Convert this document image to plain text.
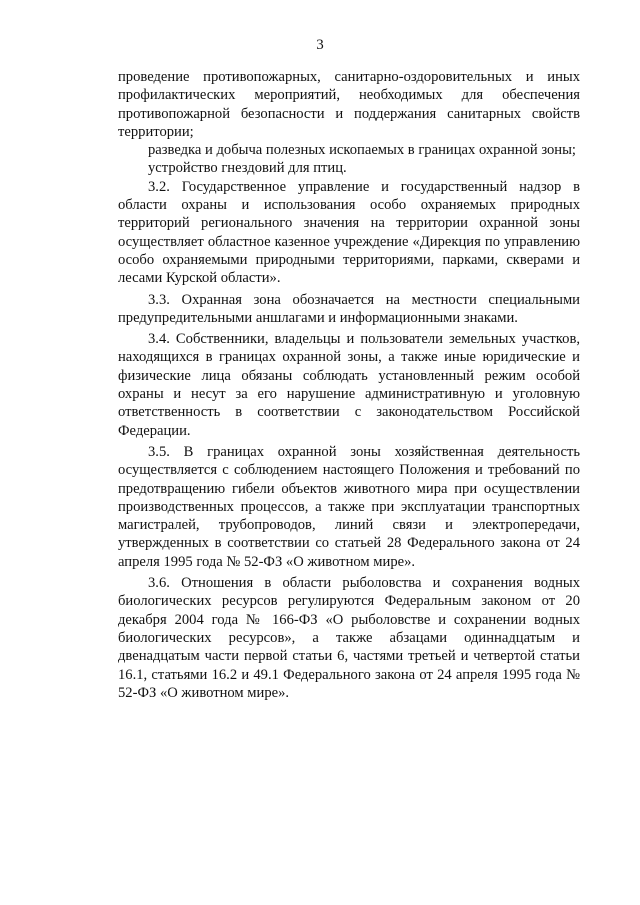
3

проведение противопожарных, санитарно-оздоровительных и иных профилактических мероприятий, необходимых для обеспечения противопожарной безопасности и поддержания санитарных свойств территории;

разведка и добыча полезных ископаемых в границах охранной зоны;

устройство гнездовий для птиц.

3.2. Государственное управление и государственный надзор в области охраны и использования особо охраняемых природных территорий регионального значения на территории охранной зоны осуществляет областное казенное учреждение «Дирекция по управлению особо охраняемыми природными территориями, парками, скверами и лесами Курской области».

3.3. Охранная зона обозначается на местности специальными предупредительными аншлагами и информационными знаками.

3.4. Собственники, владельцы и пользователи земельных участков, находящихся в границах охранной зоны, а также иные юридические и физические лица обязаны соблюдать установленный режим особой охраны и несут за его нарушение административную и уголовную ответственность в соответствии с законодательством Российской Федерации.

3.5. В границах охранной зоны хозяйственная деятельность осуществляется с соблюдением настоящего Положения и требований по предотвращению гибели объектов животного мира при осуществлении производственных процессов, а также при эксплуатации транспортных магистралей, трубопроводов, линий связи и электропередачи, утвержденных в соответствии со статьей 28 Федерального закона от 24 апреля 1995 года № 52-ФЗ «О животном мире».

3.6. Отношения в области рыболовства и сохранения водных биологических ресурсов регулируются Федеральным законом от 20 декабря 2004 года № 166-ФЗ «О рыболовстве и сохранении водных биологических ресурсов», а также абзацами одиннадцатым и двенадцатым части первой статьи 6, частями третьей и четвертой статьи 16.1, статьями 16.2 и 49.1 Федерального закона от 24 апреля 1995 года № 52-ФЗ «О животном мире».
